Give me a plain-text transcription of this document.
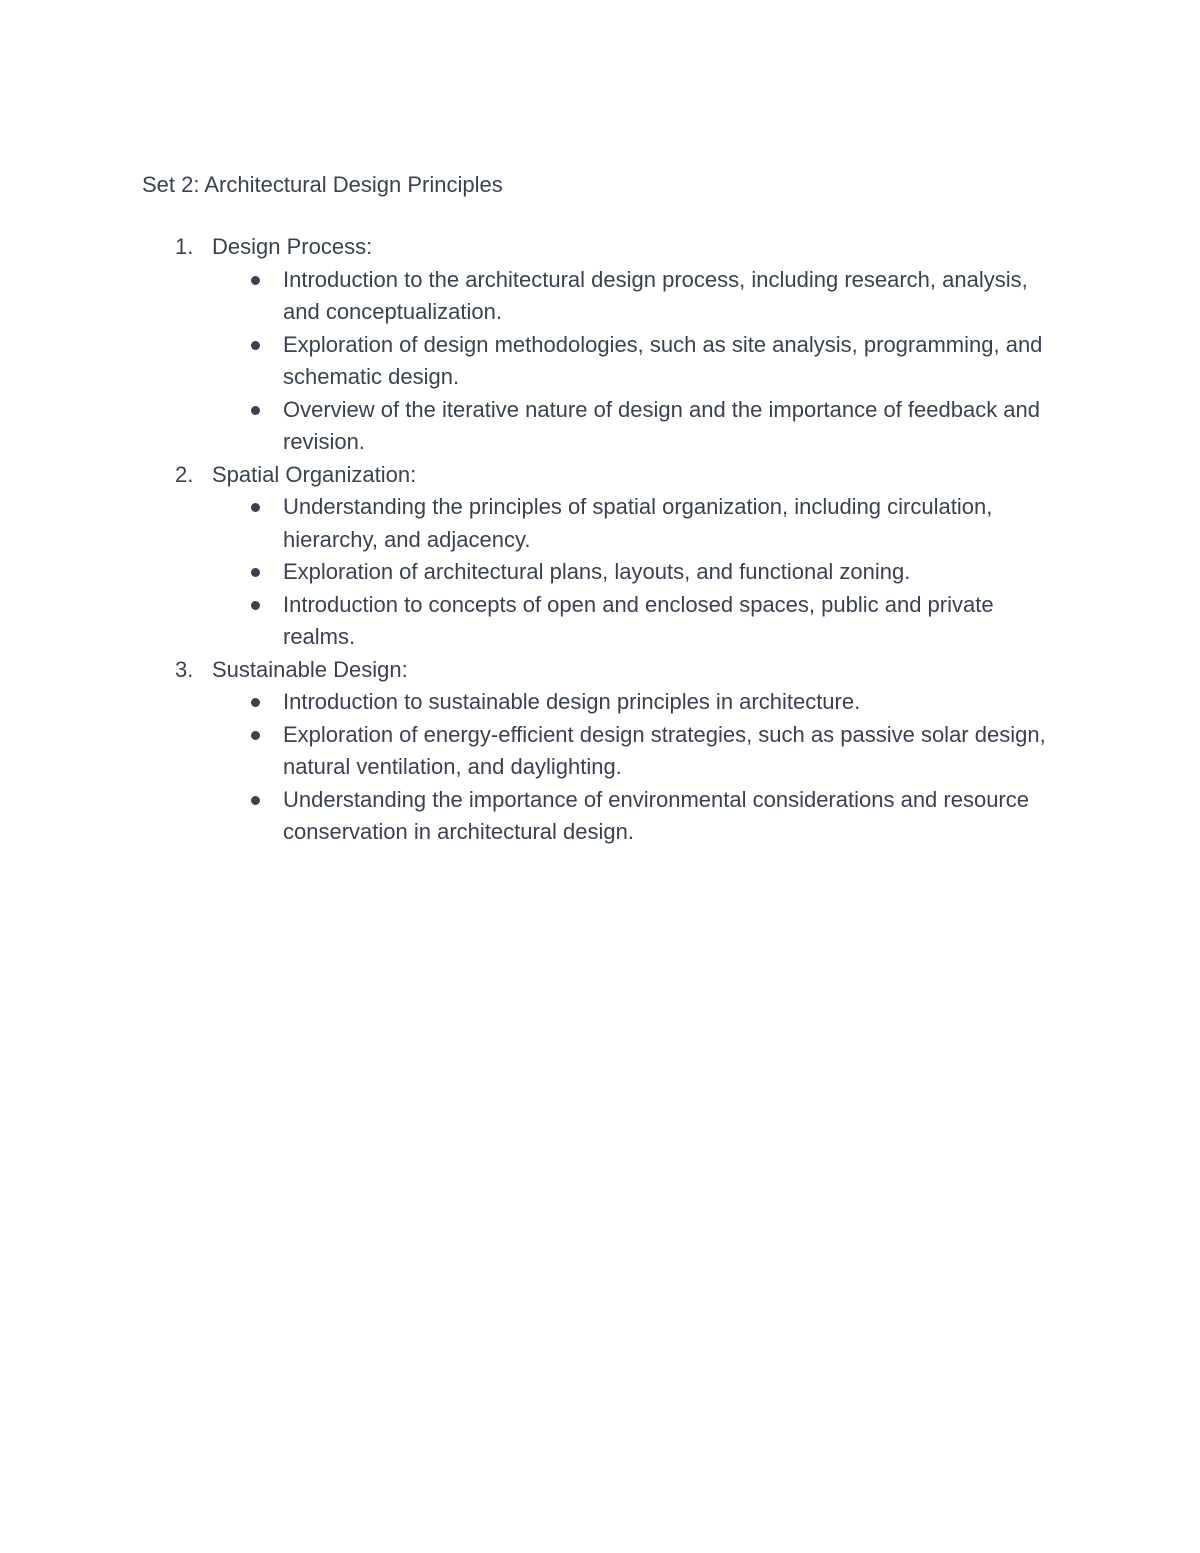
Set 2: Architectural Design Principles
1. Design Process:
Introduction to the architectural design process, including research, analysis, and conceptualization.
Exploration of design methodologies, such as site analysis, programming, and schematic design.
Overview of the iterative nature of design and the importance of feedback and revision.
2. Spatial Organization:
Understanding the principles of spatial organization, including circulation, hierarchy, and adjacency.
Exploration of architectural plans, layouts, and functional zoning.
Introduction to concepts of open and enclosed spaces, public and private realms.
3. Sustainable Design:
Introduction to sustainable design principles in architecture.
Exploration of energy-efficient design strategies, such as passive solar design, natural ventilation, and daylighting.
Understanding the importance of environmental considerations and resource conservation in architectural design.
